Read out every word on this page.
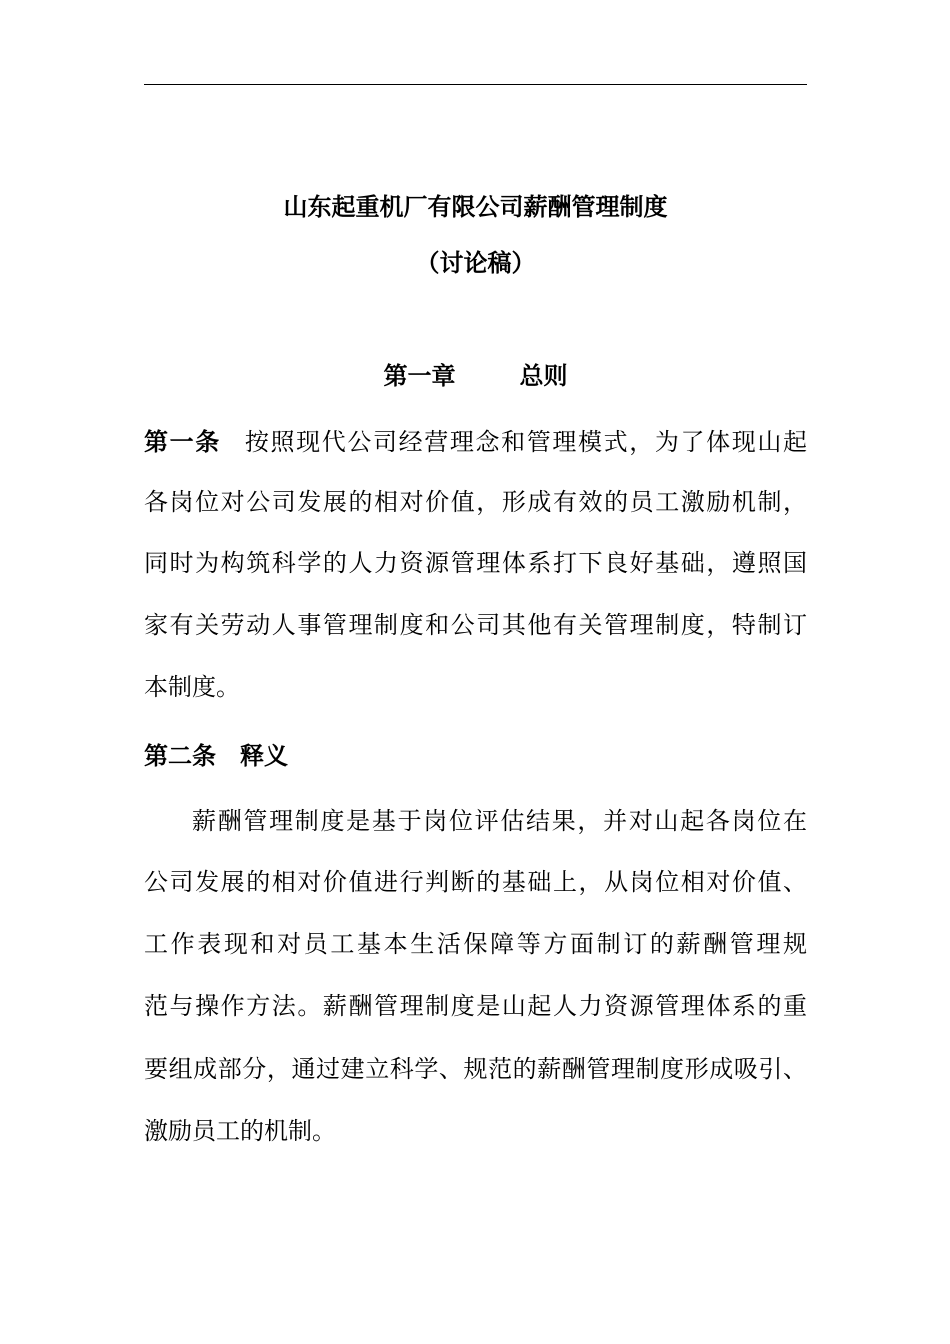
山东起重机厂有限公司薪酬管理制度
（讨论稿）
第一章	总则
第一条 按照现代公司经营理念和管理模式，为了体现山起
各岗位对公司发展的相对价值，形成有效的员工激励机制，
同时为构筑科学的人力资源管理体系打下良好基础，遵照国
家有关劳动人事管理制度和公司其他有关管理制度，特制订
本制度。
第二条 释义
薪酬管理制度是基于岗位评估结果，并对山起各岗位在
公司发展的相对价值进行判断的基础上，从岗位相对价值、
工作表现和对员工基本生活保障等方面制订的薪酬管理规
范与操作方法。薪酬管理制度是山起人力资源管理体系的重
要组成部分，通过建立科学、规范的薪酬管理制度形成吸引、
激励员工的机制。
